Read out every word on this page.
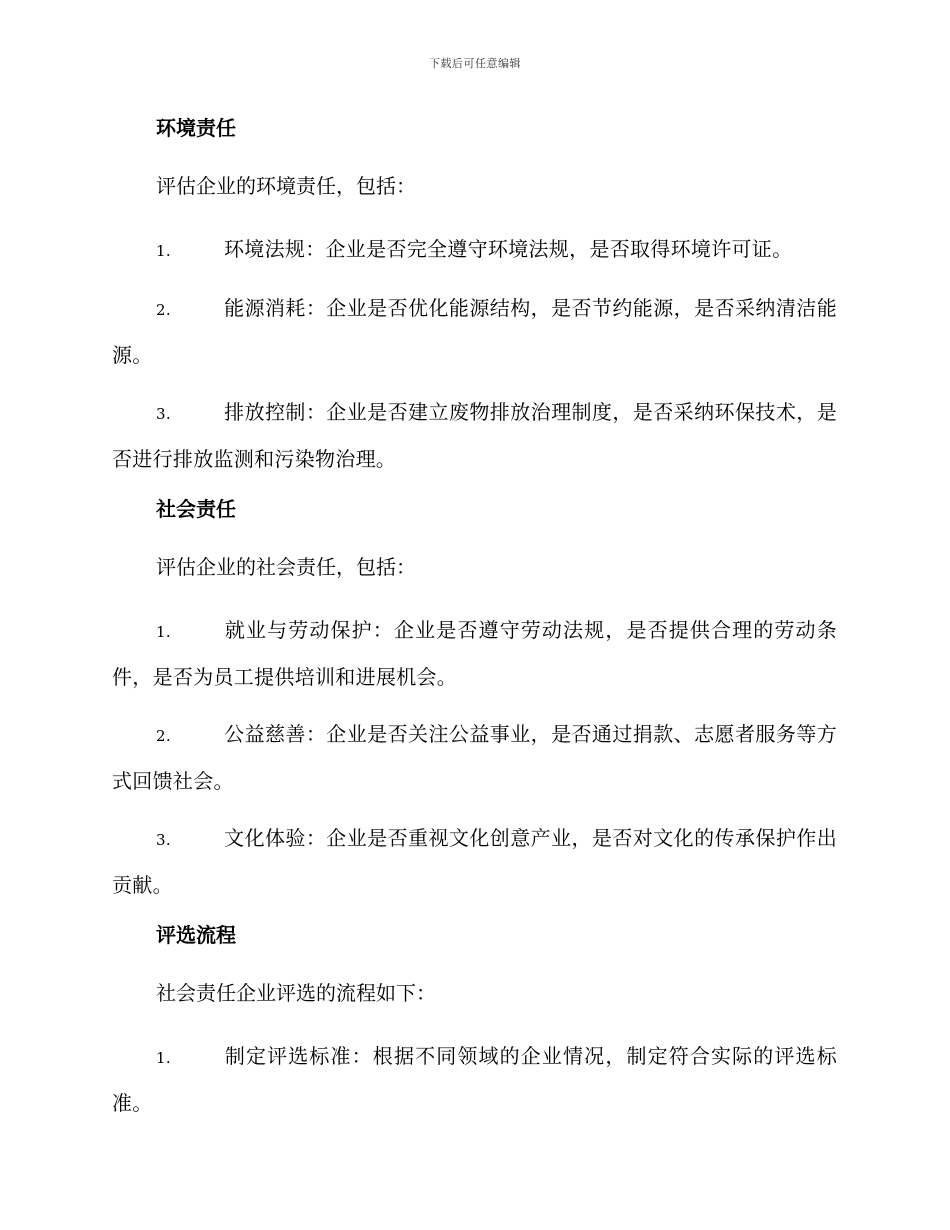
下载后可任意编辑

环境责任

评估企业的环境责任，包括：

1.	环境法规：企业是否完全遵守环境法规，是否取得环境许可证。

2.	能源消耗：企业是否优化能源结构，是否节约能源，是否采纳清洁能源。

3.	排放控制：企业是否建立废物排放治理制度，是否采纳环保技术，是否进行排放监测和污染物治理。

社会责任

评估企业的社会责任，包括：

1.	就业与劳动保护：企业是否遵守劳动法规，是否提供合理的劳动条件，是否为员工提供培训和进展机会。

2.	公益慈善：企业是否关注公益事业，是否通过捐款、志愿者服务等方式回馈社会。

3.	文化体验：企业是否重视文化创意产业，是否对文化的传承保护作出贡献。

评选流程

社会责任企业评选的流程如下：

1.	制定评选标准：根据不同领域的企业情况，制定符合实际的评选标准。
